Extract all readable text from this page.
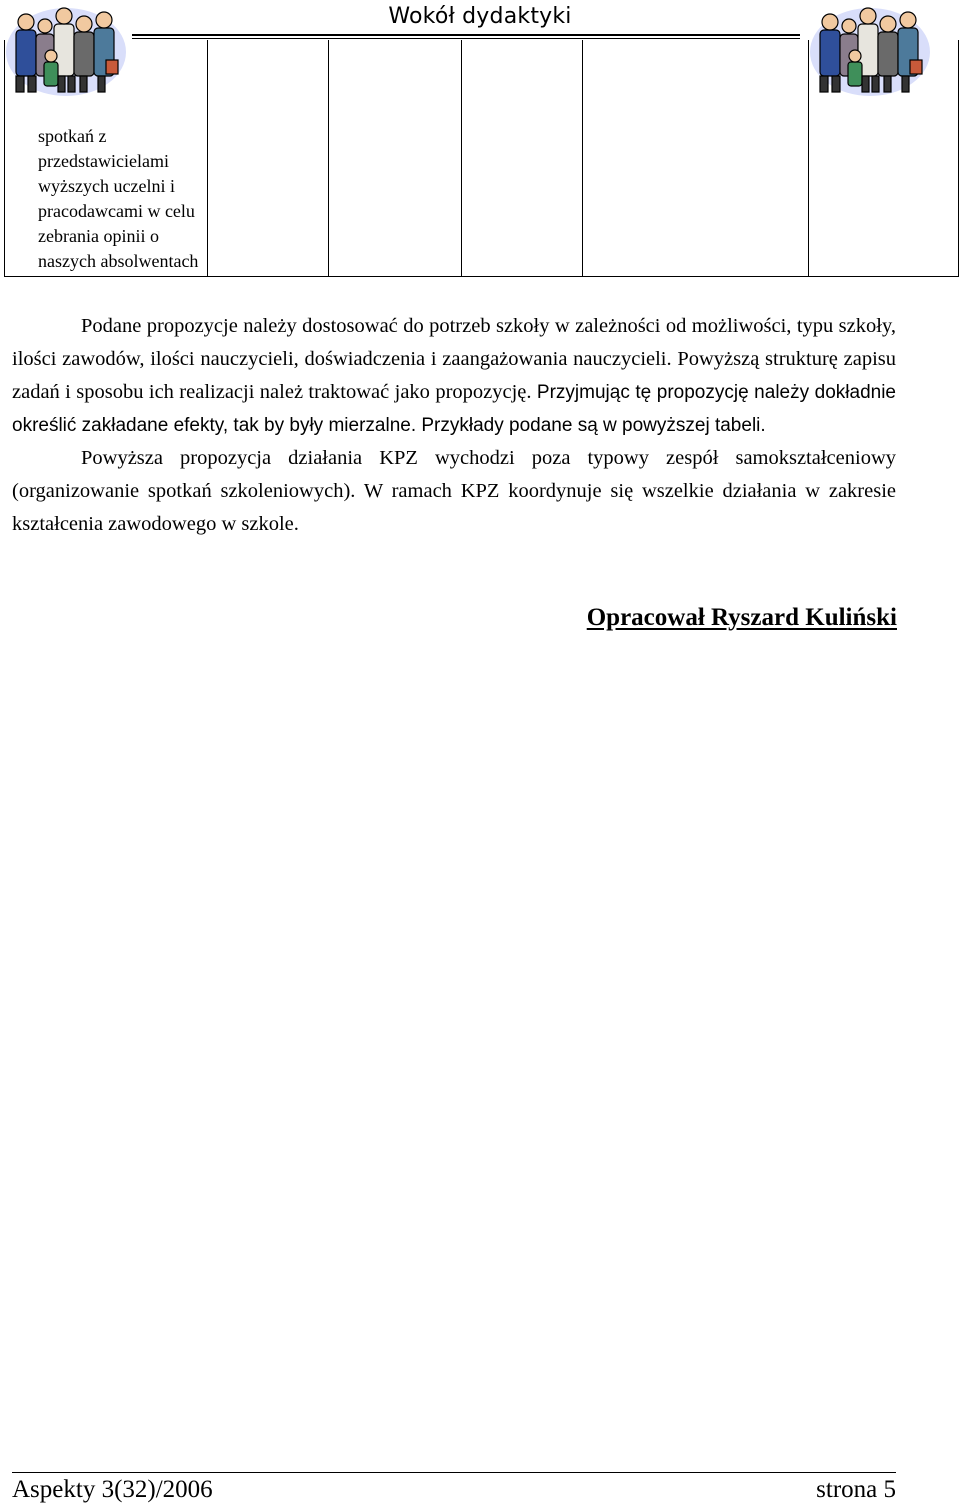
Wokół dydaktyki
spotkań z przedstawicielami wyższych uczelni i pracodawcami w celu zebrania opinii o naszych absolwentach					

Podane propozycje należy dostosować do potrzeb szkoły w zależności od możliwości, typu szkoły, ilości zawodów, ilości nauczycieli, doświadczenia i zaangażowania nauczycieli. Powyższą strukturę zapisu zadań i sposobu ich realizacji należ traktować jako propozycję. Przyjmując tę propozycję należy dokładnie określić zakładane efekty, tak by były mierzalne. Przykłady podane są w powyższej tabeli.

Powyższa propozycja działania KPZ wychodzi poza typowy zespół samokształceniowy (organizowanie spotkań szkoleniowych). W ramach KPZ koordynuje się wszelkie działania w zakresie kształcenia zawodowego w szkole.

Opracował Ryszard Kuliński
Aspekty 3(32)/2006	strona 5
